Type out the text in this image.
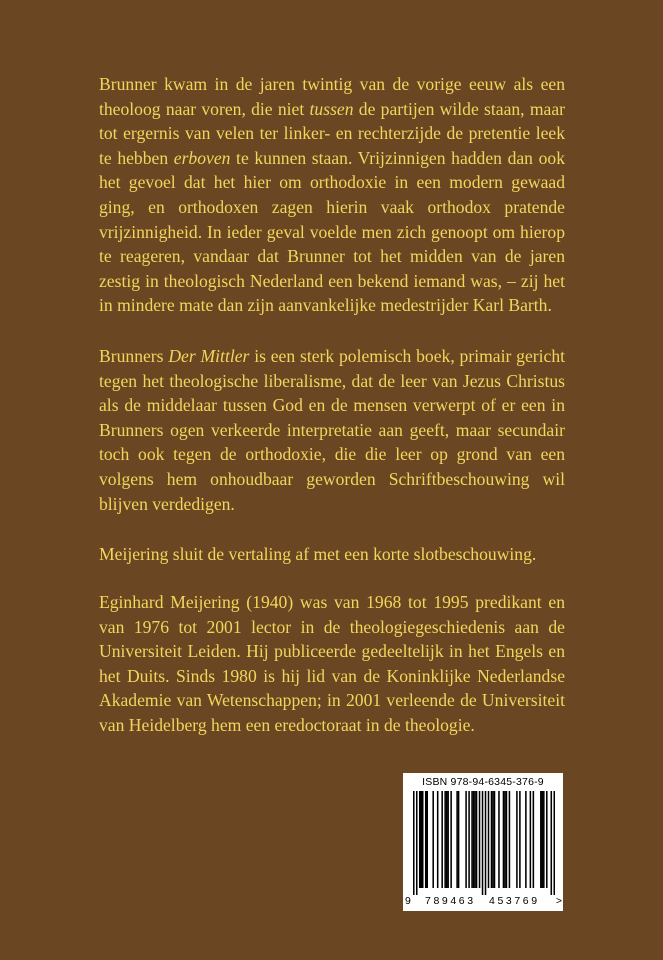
Brunner kwam in de jaren twintig van de vorige eeuw als een theoloog naar voren, die niet tussen de partijen wilde staan, maar tot ergernis van velen ter linker- en rechterzijde de pretentie leek te hebben erboven te kunnen staan. Vrijzinnigen hadden dan ook het gevoel dat het hier om orthodoxie in een modern gewaad ging, en orthodoxen zagen hierin vaak orthodox pratende vrijzinnigheid. In ieder geval voelde men zich genoopt om hierop te reageren, vandaar dat Brunner tot het midden van de jaren zestig in theologisch Nederland een bekend iemand was, – zij het in mindere mate dan zijn aanvankelijke medestrijder Karl Barth.

Brunners Der Mittler is een sterk polemisch boek, primair gericht tegen het theologische liberalisme, dat de leer van Jezus Christus als de middelaar tussen God en de mensen verwerpt of er een in Brunners ogen verkeerde interpretatie aan geeft, maar secundair toch ook tegen de orthodoxie, die die leer op grond van een volgens hem onhoudbaar geworden Schriftbeschouwing wil blijven verdedigen.

Meijering sluit de vertaling af met een korte slotbeschouwing.

Eginhard Meijering (1940) was van 1968 tot 1995 predikant en van 1976 tot 2001 lector in de theologiegeschiedenis aan de Universiteit Leiden. Hij publiceerde gedeeltelijk in het Engels en het Duits. Sinds 1980 is hij lid van de Koninklijke Nederlandse Akademie van Wetenschappen; in 2001 verleende de Universiteit van Heidelberg hem een eredoctoraat in de theologie.

ISBN 978-94-6345-376-9
9 789463 453769 >
